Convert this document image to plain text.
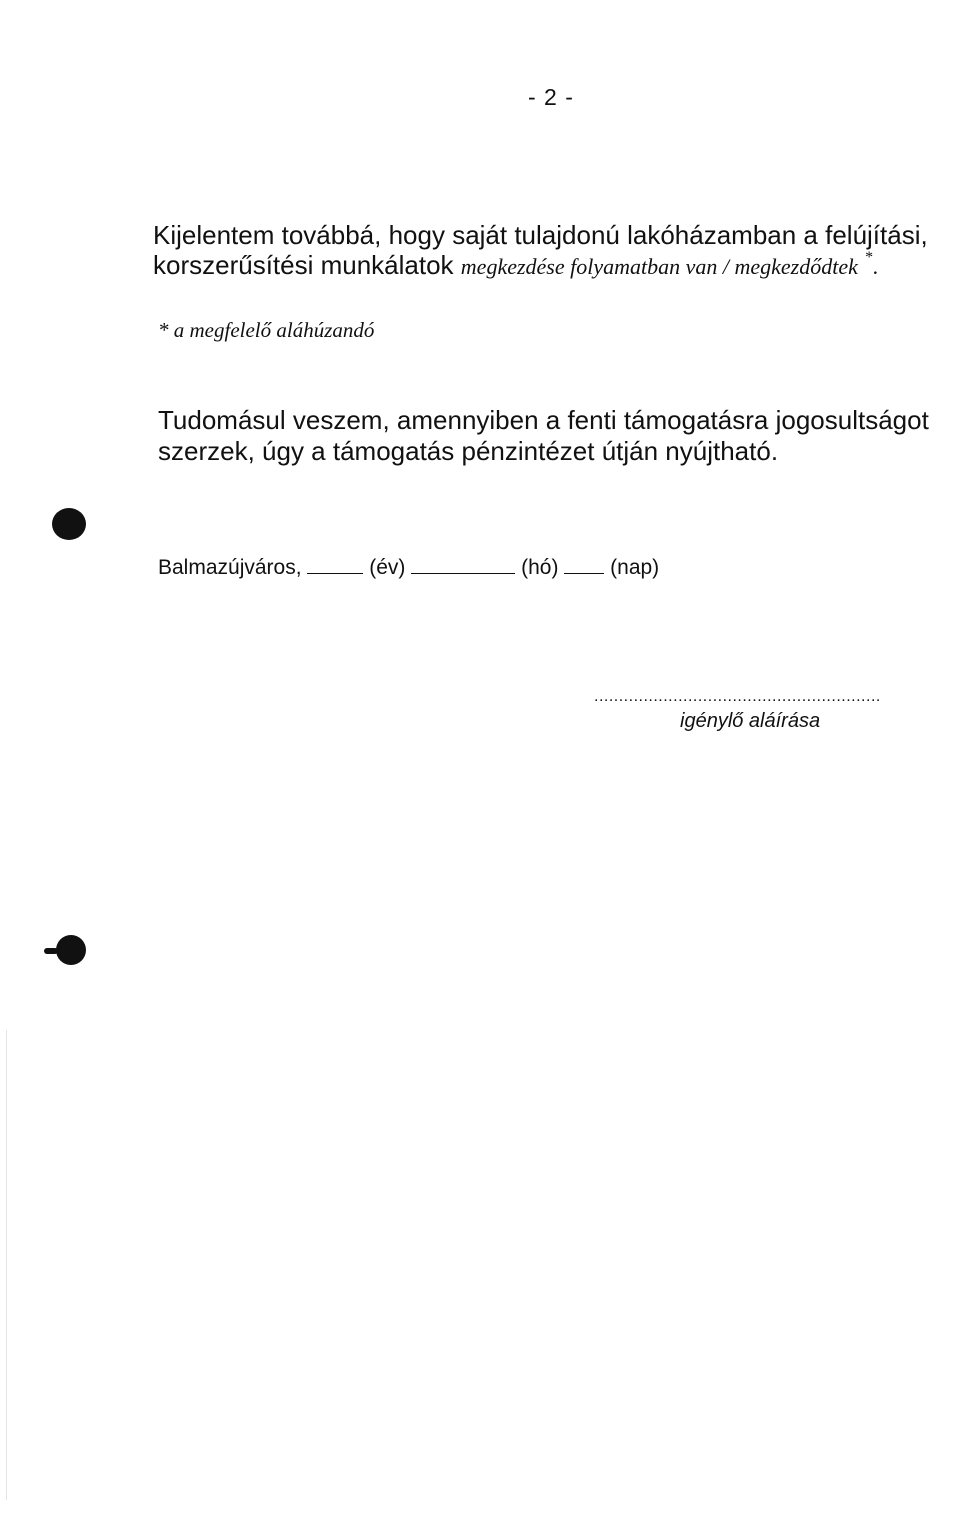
- 2 -
Kijelentem továbbá, hogy saját tulajdonú lakóházamban a felújítási,
korszerűsítési munkálatok megkezdése folyamatban van / megkezdődtek *.
* a megfelelő aláhúzandó
Tudomásul veszem, amennyiben a fenti támogatásra jogosultságot
szerzek, úgy a támogatás pénzintézet útján nyújtható.
Balmazújváros,	(év)	(hó) (nap)
..........................................................
igénylő aláírása
